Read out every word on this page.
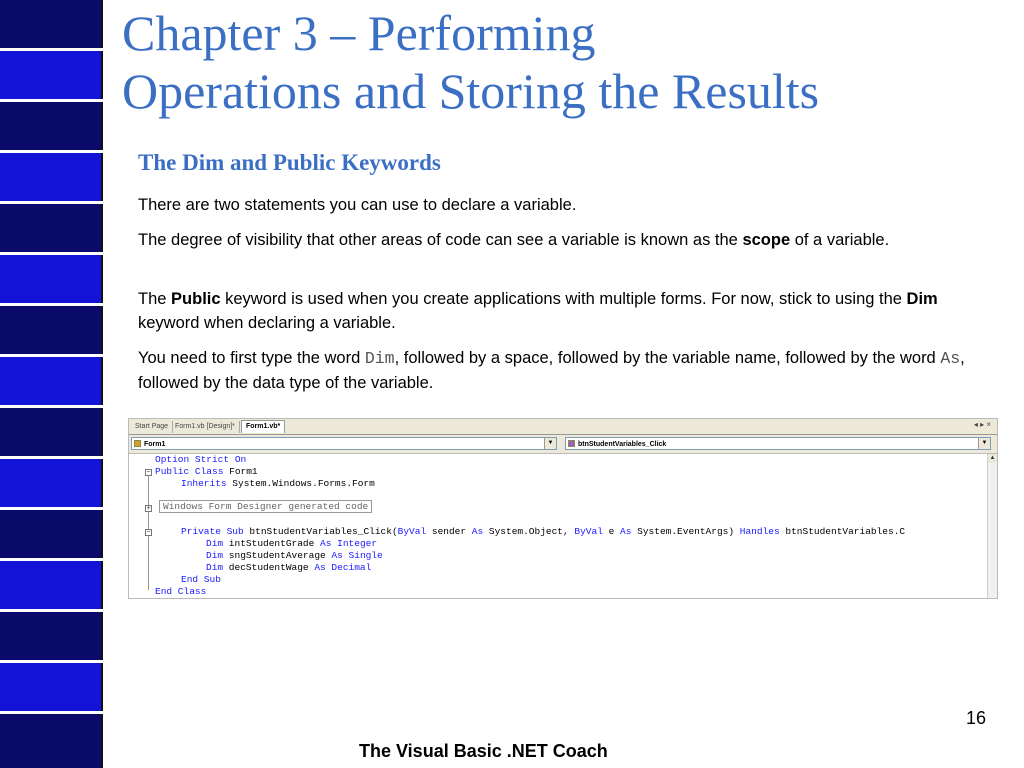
Chapter 3 – Performing
Operations and Storing the Results
The Dim and Public Keywords
There are two statements you can use to declare a variable.
The degree of visibility that other areas of code can see a variable is known as the scope of a variable.
The Public keyword is used when you create applications with multiple forms. For now, stick to using the Dim keyword when declaring a variable.
You need to first type the word Dim, followed by a space, followed by the variable name, followed by the word As, followed by the data type of the variable.
Start Page Form1.vb [Design]*	Form1.vb*	◂ ▸ ×
Form1	▼	btnStudentVariables_Click	▼
−
+
−
Option Strict On
Public Class Form1
Inherits System.Windows.Forms.Form
Windows Form Designer generated code
Private Sub btnStudentVariables_Click(ByVal sender As System.Object, ByVal e As System.EventArgs) Handles btnStudentVariables.C
Dim intStudentGrade As Integer
Dim sngStudentAverage As Single
Dim decStudentWage As Decimal
End Sub
End Class
▲
16
The Visual Basic .NET Coach
